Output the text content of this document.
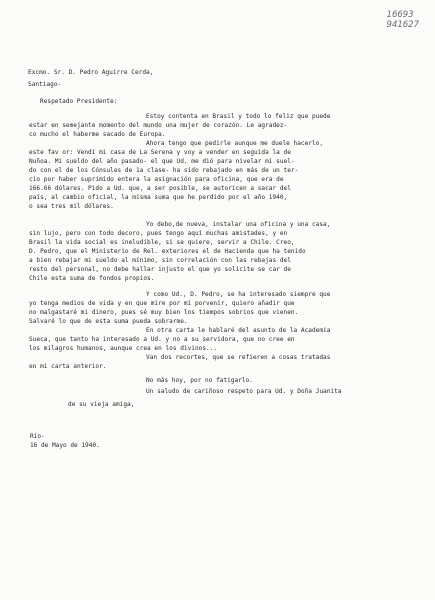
16693
941627
Excmo. Sr. D. Pedro Aguirre Cerda,
Santiago-
Respetado Presidente:
Estoy contenta en Brasil y todo lo feliz que puede
estar en semejante momento del mundo una mujer de corazón. Le agradez-
co mucho el haberme sacado de Europa.
Ahora tengo que pedirle aunque me duele hacerlo,
este fav or: Vendí mi casa de La Serena y voy a vender en seguida la de
Nuñoa. Mi sueldo del año pasado- el que Ud. me dió para nivelar mi suel-
do con el de los Cónsules de 1a clase- ha sido rebajado en más de un ter-
cio por haber suprimido entera la asignación para oficina, que era de
166.66 dólares. Pido a Ud. que, a ser posible, se autoricen a sacar del
país, al cambio oficial, la misma suma que he perdido por el año 1940,
o sea tres mil dólares.
Yo debo,de nueva, instalar una oficina y una casa,
sin lujo, pero con todo decoro, pues tengo aquí muchas amistades, y en
Brasil la vida social es ineludible, si se quiere, servir a Chile. Creo,
D. Pedro, que el Ministerio de Rel. exteriores el de Hacienda que ha tenido
a bien rebajar mi sueldo al mínimo, sin correlación con las rebajas del
resto del personal, no debe hallar injusto el que yo solicite se car de
Chile esta suma de fondos propios.
Y como Ud., D. Pedro, se ha interesado siempre que
yo tenga medios de vida y en que mire por mi porvenir, quiero añadir que
no malgastaré mi dinero, pues sé muy bien los tiempos sobrios que vienen.
Salvaré lo que de esta suma pueda sobrarme.
En otra carta le hablaré del asunto de la Academia
Sueca, que tanto ha interesado a Ud. y no a su servidora, que no cree en
los milagros humanos, aunque crea en los divinos...
Van dos recortes, que se refieren a cosas tratadas
en mi carta anterior.
No más hoy, por no fatigarlo.
Un saludo de cariñoso respeto para Ud. y Doña Juanita
de su vieja amiga,
Río-
16 de Mayo de 1940.
